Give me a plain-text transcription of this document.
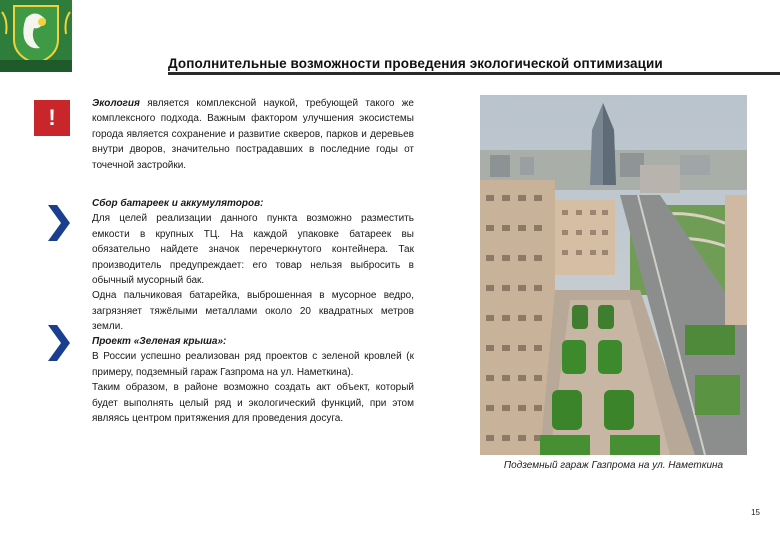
Дополнительные возможности проведения экологической оптимизации
!

Экология является комплексной наукой, требующей такого же комплексного подхода. Важным фактором улучшения экосистемы города является сохранение и развитие скверов, парков и деревьев внутри дворов, значительно пострадавших в последние годы от точечной застройки.

Сбор батареек и аккумуляторов:

Для целей реализации данного пункта возможно разместить емкости в крупных ТЦ. На каждой упаковке батареек вы обязательно найдете значок перечеркнутого контейнера. Так производитель предупреждает: его товар нельзя выбросить в обычный мусорный бак.

Одна пальчиковая батарейка, выброшенная в мусорное ведро, загрязняет тяжёлыми металлами около 20 квадратных метров земли.

Проект «Зеленая крыша»:

В России успешно реализован ряд проектов с зеленой кровлей (к примеру, подземный гараж Газпрома на ул. Наметкина).

Таким образом, в районе возможно создать акт объект, который будет выполнять целый ряд и экологический функций, при этом являясь центром притяжения для проведения досуга.

Подземный гараж Газпрома на ул. Наметкина
15
